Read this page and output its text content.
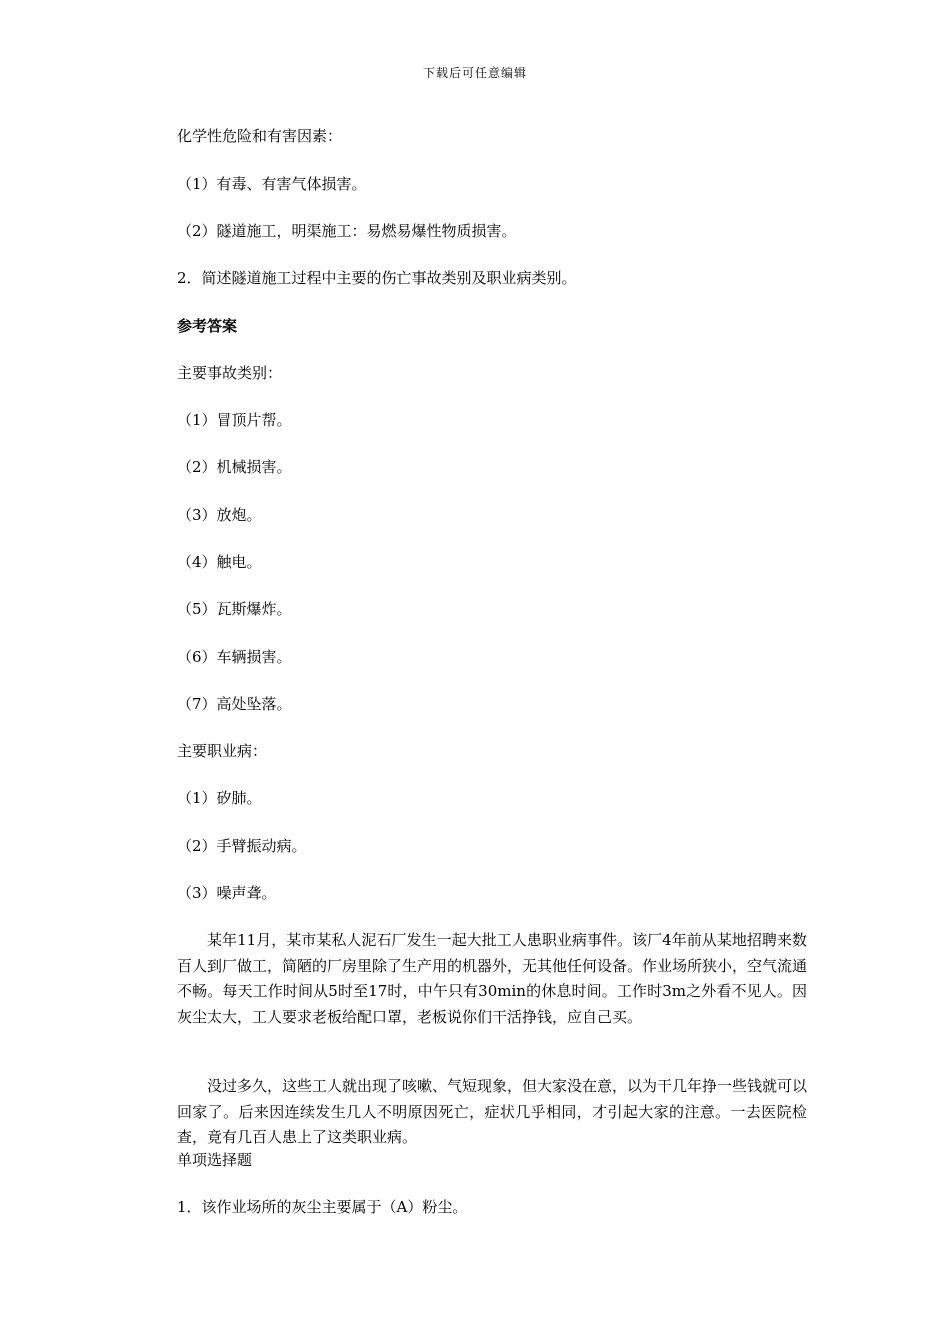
下载后可任意编辑
化学性危险和有害因素：
（1）有毒、有害气体损害。
（2）隧道施工，明渠施工：易燃易爆性物质损害。
2．简述隧道施工过程中主要的伤亡事故类别及职业病类别。
参考答案
主要事故类别：
（1）冒顶片帮。
（2）机械损害。
（3）放炮。
（4）触电。
（5）瓦斯爆炸。
（6）车辆损害。
（7）高处坠落。
主要职业病：
（1）矽肺。
（2）手臂振动病。
（3）噪声聋。
某年11月，某市某私人泥石厂发生一起大批工人患职业病事件。该厂4年前从某地招聘来数百人到厂做工，简陋的厂房里除了生产用的机器外，无其他任何设备。作业场所狭小，空气流通不畅。每天工作时间从5时至17时，中午只有30min的休息时间。工作时3m之外看不见人。因灰尘太大，工人要求老板给配口罩，老板说你们干活挣钱，应自己买。
没过多久，这些工人就出现了咳嗽、气短现象，但大家没在意，以为干几年挣一些钱就可以回家了。后来因连续发生几人不明原因死亡，症状几乎相同，才引起大家的注意。一去医院检查，竟有几百人患上了这类职业病。
单项选择题
1．该作业场所的灰尘主要属于（A）粉尘。
